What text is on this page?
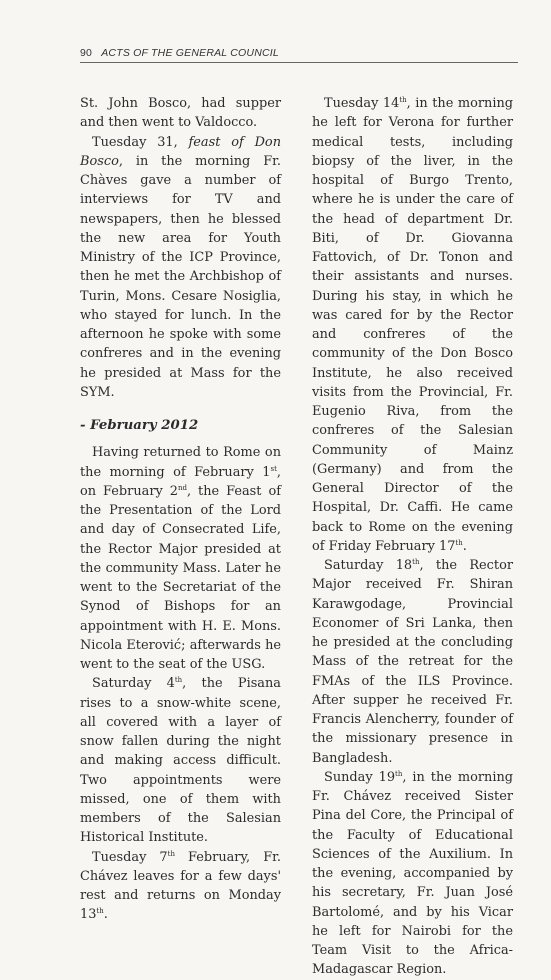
90 ACTS OF THE GENERAL COUNCIL

St. John Bosco, had supper and then went to Valdocco.

Tuesday 31, feast of Don Bosco, in the morning Fr. Chàves gave a number of interviews for TV and newspapers, then he blessed the new area for Youth Ministry of the ICP Province, then he met the Archbishop of Turin, Mons. Cesare Nosiglia, who stayed for lunch. In the afternoon he spoke with some confreres and in the evening he presided at Mass for the SYM.

- February 2012

Having returned to Rome on the morning of February 1st, on February 2nd, the Feast of the Presentation of the Lord and day of Consecrated Life, the Rector Major presided at the community Mass. Later he went to the Secretariat of the Synod of Bishops for an appointment with H. E. Mons. Nicola Eterović; afterwards he went to the seat of the USG.

Saturday 4th, the Pisana rises to a snow-white scene, all covered with a layer of snow fallen during the night and making access difficult. Two appointments were missed, one of them with members of the Salesian Historical Institute.

Tuesday 7th February, Fr. Chávez leaves for a few days' rest and returns on Monday 13th.

Tuesday 14th, in the morning he left for Verona for further medical tests, including biopsy of the liver, in the hospital of Burgo Trento, where he is under the care of the head of department Dr. Biti, of Dr. Giovanna Fattovich, of Dr. Tonon and their assistants and nurses. During his stay, in which he was cared for by the Rector and confreres of the community of the Don Bosco Institute, he also received visits from the Provincial, Fr. Eugenio Riva, from the confreres of the Salesian Community of Mainz (Germany) and from the General Director of the Hospital, Dr. Caffi. He came back to Rome on the evening of Friday February 17th.

Saturday 18th, the Rector Major received Fr. Shiran Karawgodage, Provincial Economer of Sri Lanka, then he presided at the concluding Mass of the retreat for the FMAs of the ILS Province. After supper he received Fr. Francis Alencherry, founder of the missionary presence in Bangladesh.

Sunday 19th, in the morning Fr. Chávez received Sister Pina del Core, the Principal of the Faculty of Educational Sciences of the Auxilium. In the evening, accompanied by his secretary, Fr. Juan José Bartolomé, and by his Vicar he left for Nairobi for the Team Visit to the Africa-Madagascar Region.
